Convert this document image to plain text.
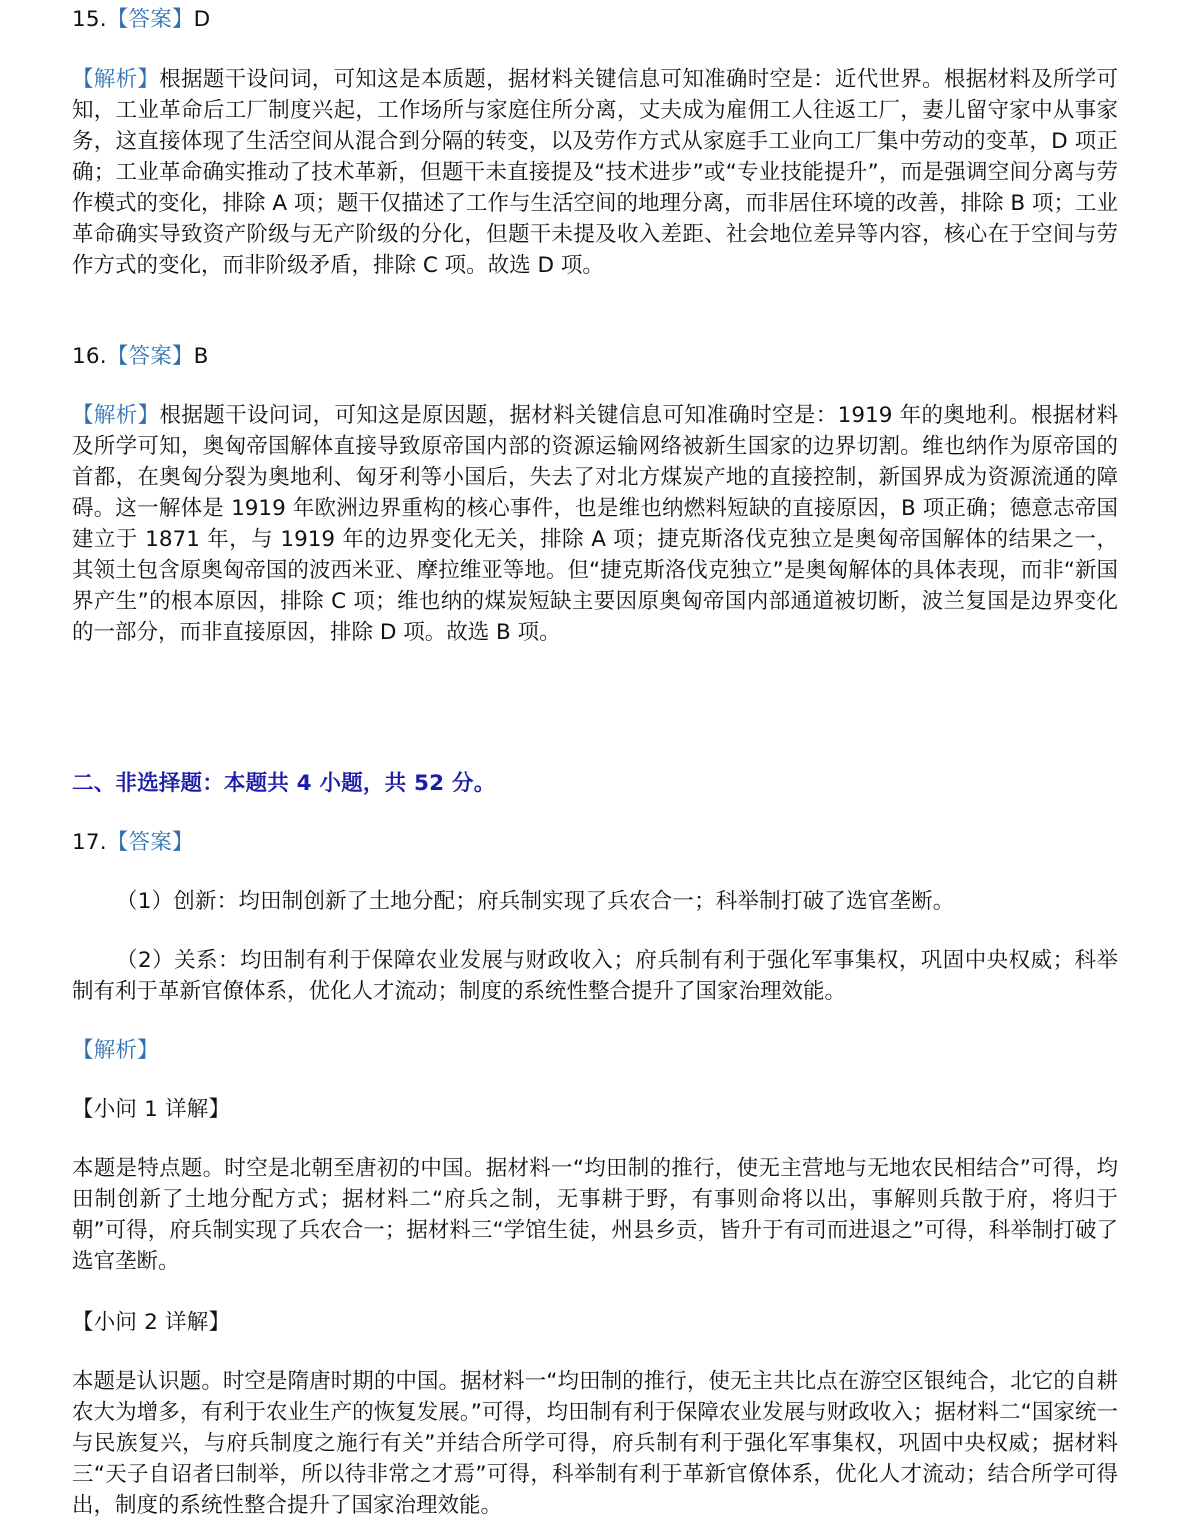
15.【答案】D
【解析】根据题干设问词，可知这是本质题，据材料关键信息可知准确时空是：近代世界。根据材料及所学可知，工业革命后工厂制度兴起，工作场所与家庭住所分离，丈夫成为雇佣工人往返工厂，妻儿留守家中从事家务，这直接体现了生活空间从混合到分隔的转变，以及劳作方式从家庭手工业向工厂集中劳动的变革，D 项正确；工业革命确实推动了技术革新，但题干未直接提及“技术进步”或“专业技能提升”，而是强调空间分离与劳作模式的变化，排除 A 项；题干仅描述了工作与生活空间的地理分离，而非居住环境的改善，排除 B 项；工业革命确实导致资产阶级与无产阶级的分化，但题干未提及收入差距、社会地位差异等内容，核心在于空间与劳作方式的变化，而非阶级矛盾，排除 C 项。故选 D 项。
16.【答案】B
【解析】根据题干设问词，可知这是原因题，据材料关键信息可知准确时空是：1919 年的奥地利。根据材料及所学可知，奥匈帝国解体直接导致原帝国内部的资源运输网络被新生国家的边界切割。维也纳作为原帝国的首都，在奥匈分裂为奥地利、匈牙利等小国后，失去了对北方煤炭产地的直接控制，新国界成为资源流通的障碍。这一解体是 1919 年欧洲边界重构的核心事件，也是维也纳燃料短缺的直接原因，B 项正确；德意志帝国建立于 1871 年，与 1919 年的边界变化无关，排除 A 项；捷克斯洛伐克独立是奥匈帝国解体的结果之一，其领土包含原奥匈帝国的波西米亚、摩拉维亚等地。但“捷克斯洛伐克独立”是奥匈解体的具体表现，而非“新国界产生”的根本原因，排除 C 项；维也纳的煤炭短缺主要因原奥匈帝国内部通道被切断，波兰复国是边界变化的一部分，而非直接原因，排除 D 项。故选 B 项。
二、非选择题：本题共 4 小题，共 52 分。
17.【答案】
（1）创新：均田制创新了土地分配；府兵制实现了兵农合一；科举制打破了选官垄断。
（2）关系：均田制有利于保障农业发展与财政收入；府兵制有利于强化军事集权，巩固中央权威；科举制有利于革新官僚体系，优化人才流动；制度的系统性整合提升了国家治理效能。
【解析】
【小问 1 详解】
本题是特点题。时空是北朝至唐初的中国。据材料一“均田制的推行，使无主营地与无地农民相结合”可得，均田制创新了土地分配方式；据材料二“府兵之制，无事耕于野，有事则命将以出，事解则兵散于府，将归于朝”可得，府兵制实现了兵农合一；据材料三“学馆生徒，州县乡贡，皆升于有司而进退之”可得，科举制打破了选官垄断。
【小问 2 详解】
本题是认识题。时空是隋唐时期的中国。据材料一“均田制的推行，使无主共比点在游空区银纯合，北它的自耕农大为增多，有利于农业生产的恢复发展。”可得，均田制有利于保障农业发展与财政收入；据材料二“国家统一与民族复兴，与府兵制度之施行有关”并结合所学可得，府兵制有利于强化军事集权，巩固中央权威；据材料三“天子自诏者曰制举，所以待非常之才焉”可得，科举制有利于革新官僚体系，优化人才流动；结合所学可得出，制度的系统性整合提升了国家治理效能。
